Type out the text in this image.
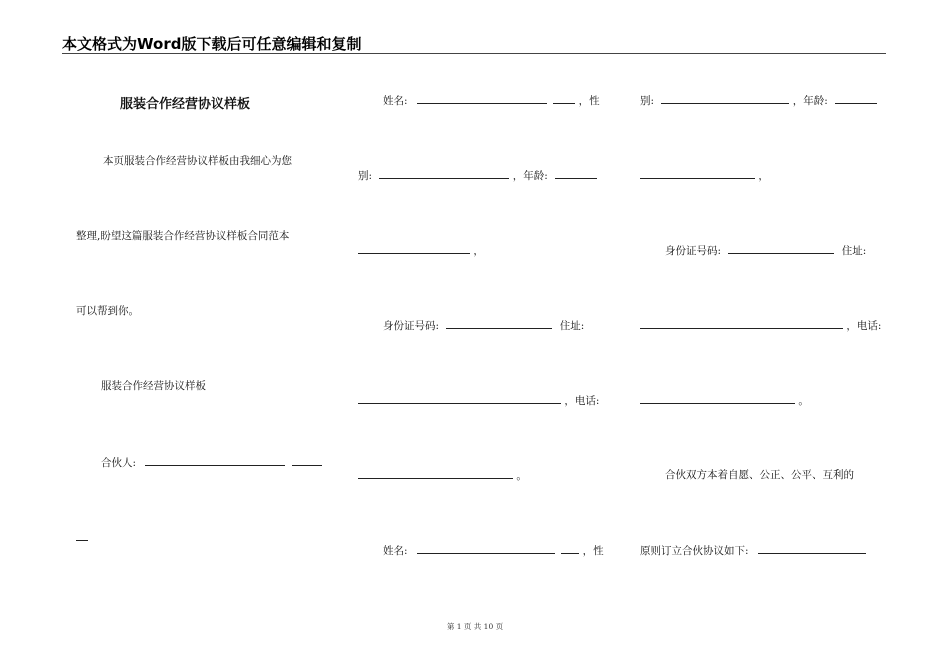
本文格式为Word版下载后可任意编辑和复制
服装合作经营协议样板
本页服装合作经营协议样板由我细心为您
整理,盼望这篇服装合作经营协议样板合同范本
可以帮到你。
服装合作经营协议样板
合伙人:
姓名:	，性
别:	，年龄:
，
身份证号码:	住址:
，电话:
。
姓名:	，性
别:	，年龄:
，
身份证号码:	住址:
，电话:
。
合伙双方本着自愿、公正、公平、互利的
原则订立合伙协议如下:
第 1 页 共 10 页
